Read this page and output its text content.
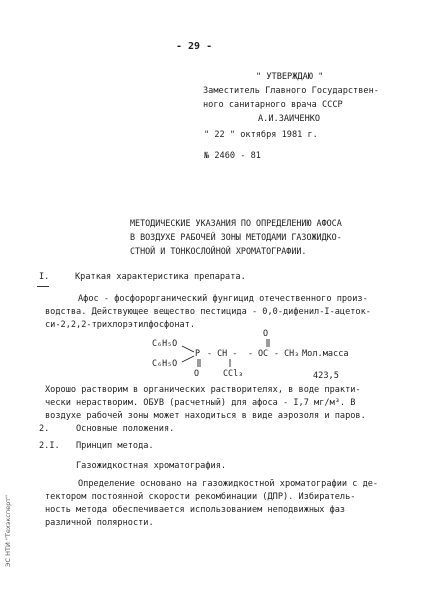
- 29 -
" УТВЕРЖДАЮ "
Заместитель Главного Государствен-
ного санитарного врача СССР
А.И.ЗАИЧЕНКО
" 22 " октября 1981 г.
№ 2460 - 81
МЕТОДИЧЕСКИЕ УКАЗАНИЯ ПО ОПРЕДЕЛЕНИЮ АФОСА
В ВОЗДУХЕ РАБОЧЕЙ ЗОНЫ МЕТОДАМИ ГАЗОЖИДКО-
СТНОЙ И ТОНКОСЛОЙНОЙ ХРОМАТОГРАФИИ.
I.	Краткая характеристика препарата.
Афос - фосфорорганический фунгицид отечественного произ-
водства. Действующее вещество пестицида - 0,0-дифенил-I-ацеток-
си-2,2,2-трихлорэтилфосфонат.
C₆H₅O
C₆H₅O
P
O
- CH -
CCl₃
- OC
O
- CH₃ Мол.масса
423,5
Хорошо растворим в органических растворителях, в воде практи-
чески нерастворим. ОБУВ (расчетный) для афоса - I,7 мг/м³. В
воздухе рабочей зоны может находиться в виде аэрозоля и паров.
2.	Основные положения.
2.I. Принцип метода.
Газожидкостная хроматография.
Определение основано на газожидкостной хроматографии с де-
тектором постоянной скорости рекомбинации (ДПР). Избиратель-
ность метода обеспечивается использованием неподвижных фаз
различной полярности.
ЭС НТИ "Техэксперт"
